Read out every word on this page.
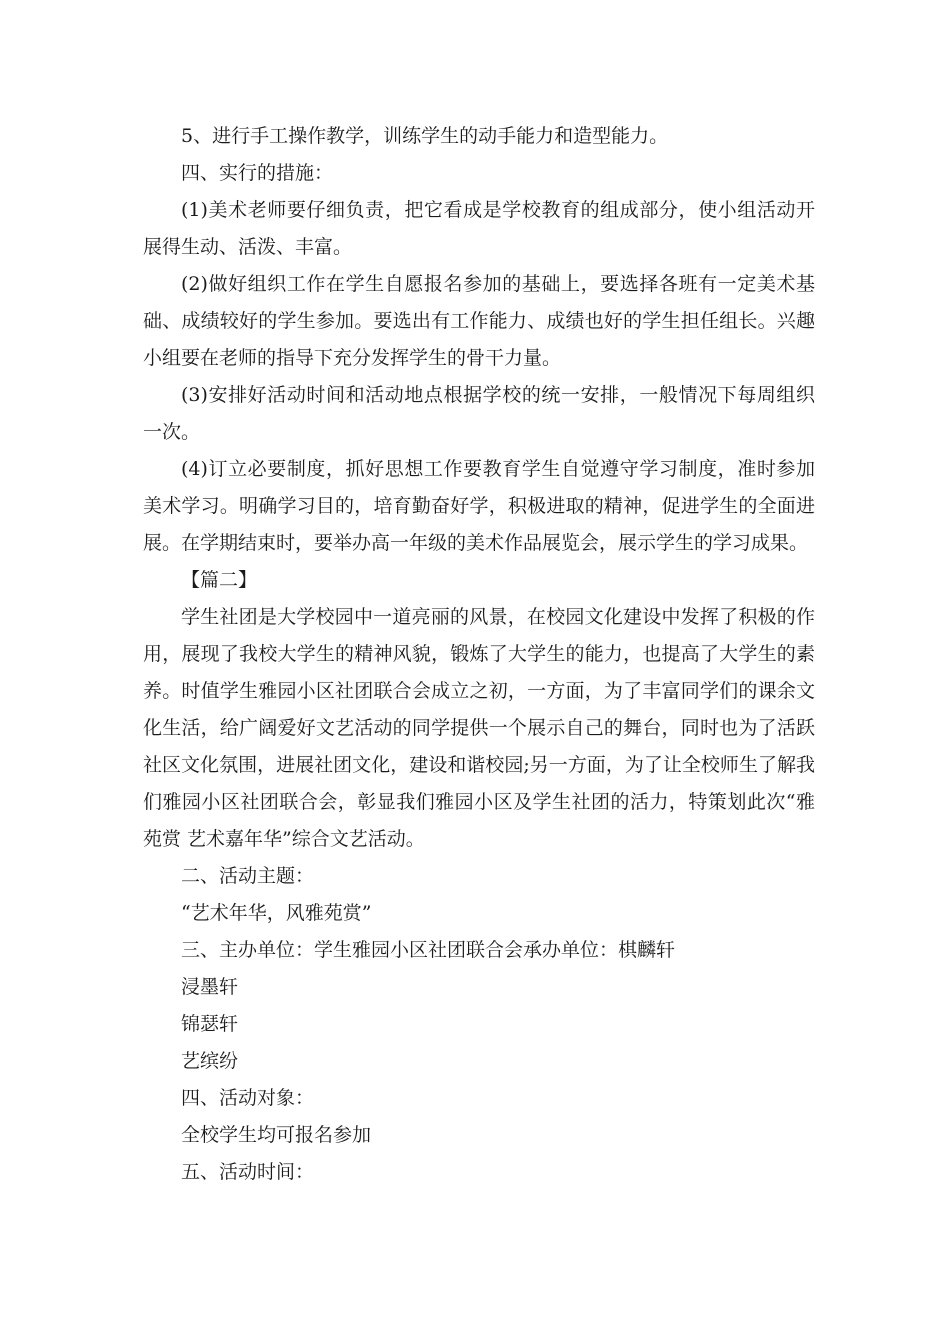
5、进行手工操作教学，训练学生的动手能力和造型能力。

四、实行的措施：

(1)美术老师要仔细负责，把它看成是学校教育的组成部分，使小组活动开展得生动、活泼、丰富。

(2)做好组织工作在学生自愿报名参加的基础上，要选择各班有一定美术基础、成绩较好的学生参加。要选出有工作能力、成绩也好的学生担任组长。兴趣小组要在老师的指导下充分发挥学生的骨干力量。

(3)安排好活动时间和活动地点根据学校的统一安排，一般情况下每周组织一次。

(4)订立必要制度，抓好思想工作要教育学生自觉遵守学习制度，准时参加美术学习。明确学习目的，培育勤奋好学，积极进取的精神，促进学生的全面进展。在学期结束时，要举办高一年级的美术作品展览会，展示学生的学习成果。

【篇二】

学生社团是大学校园中一道亮丽的风景，在校园文化建设中发挥了积极的作用，展现了我校大学生的精神风貌，锻炼了大学生的能力，也提高了大学生的素养。时值学生雅园小区社团联合会成立之初，一方面，为了丰富同学们的课余文化生活，给广阔爱好文艺活动的同学提供一个展示自己的舞台，同时也为了活跃社区文化氛围，进展社团文化，建设和谐校园;另一方面，为了让全校师生了解我们雅园小区社团联合会，彰显我们雅园小区及学生社团的活力，特策划此次“雅苑赏 艺术嘉年华”综合文艺活动。

二、活动主题：

“艺术年华，风雅苑赏”

三、主办单位：学生雅园小区社团联合会承办单位：棋麟轩

浸墨轩

锦瑟轩

艺缤纷

四、活动对象：

全校学生均可报名参加

五、活动时间：
